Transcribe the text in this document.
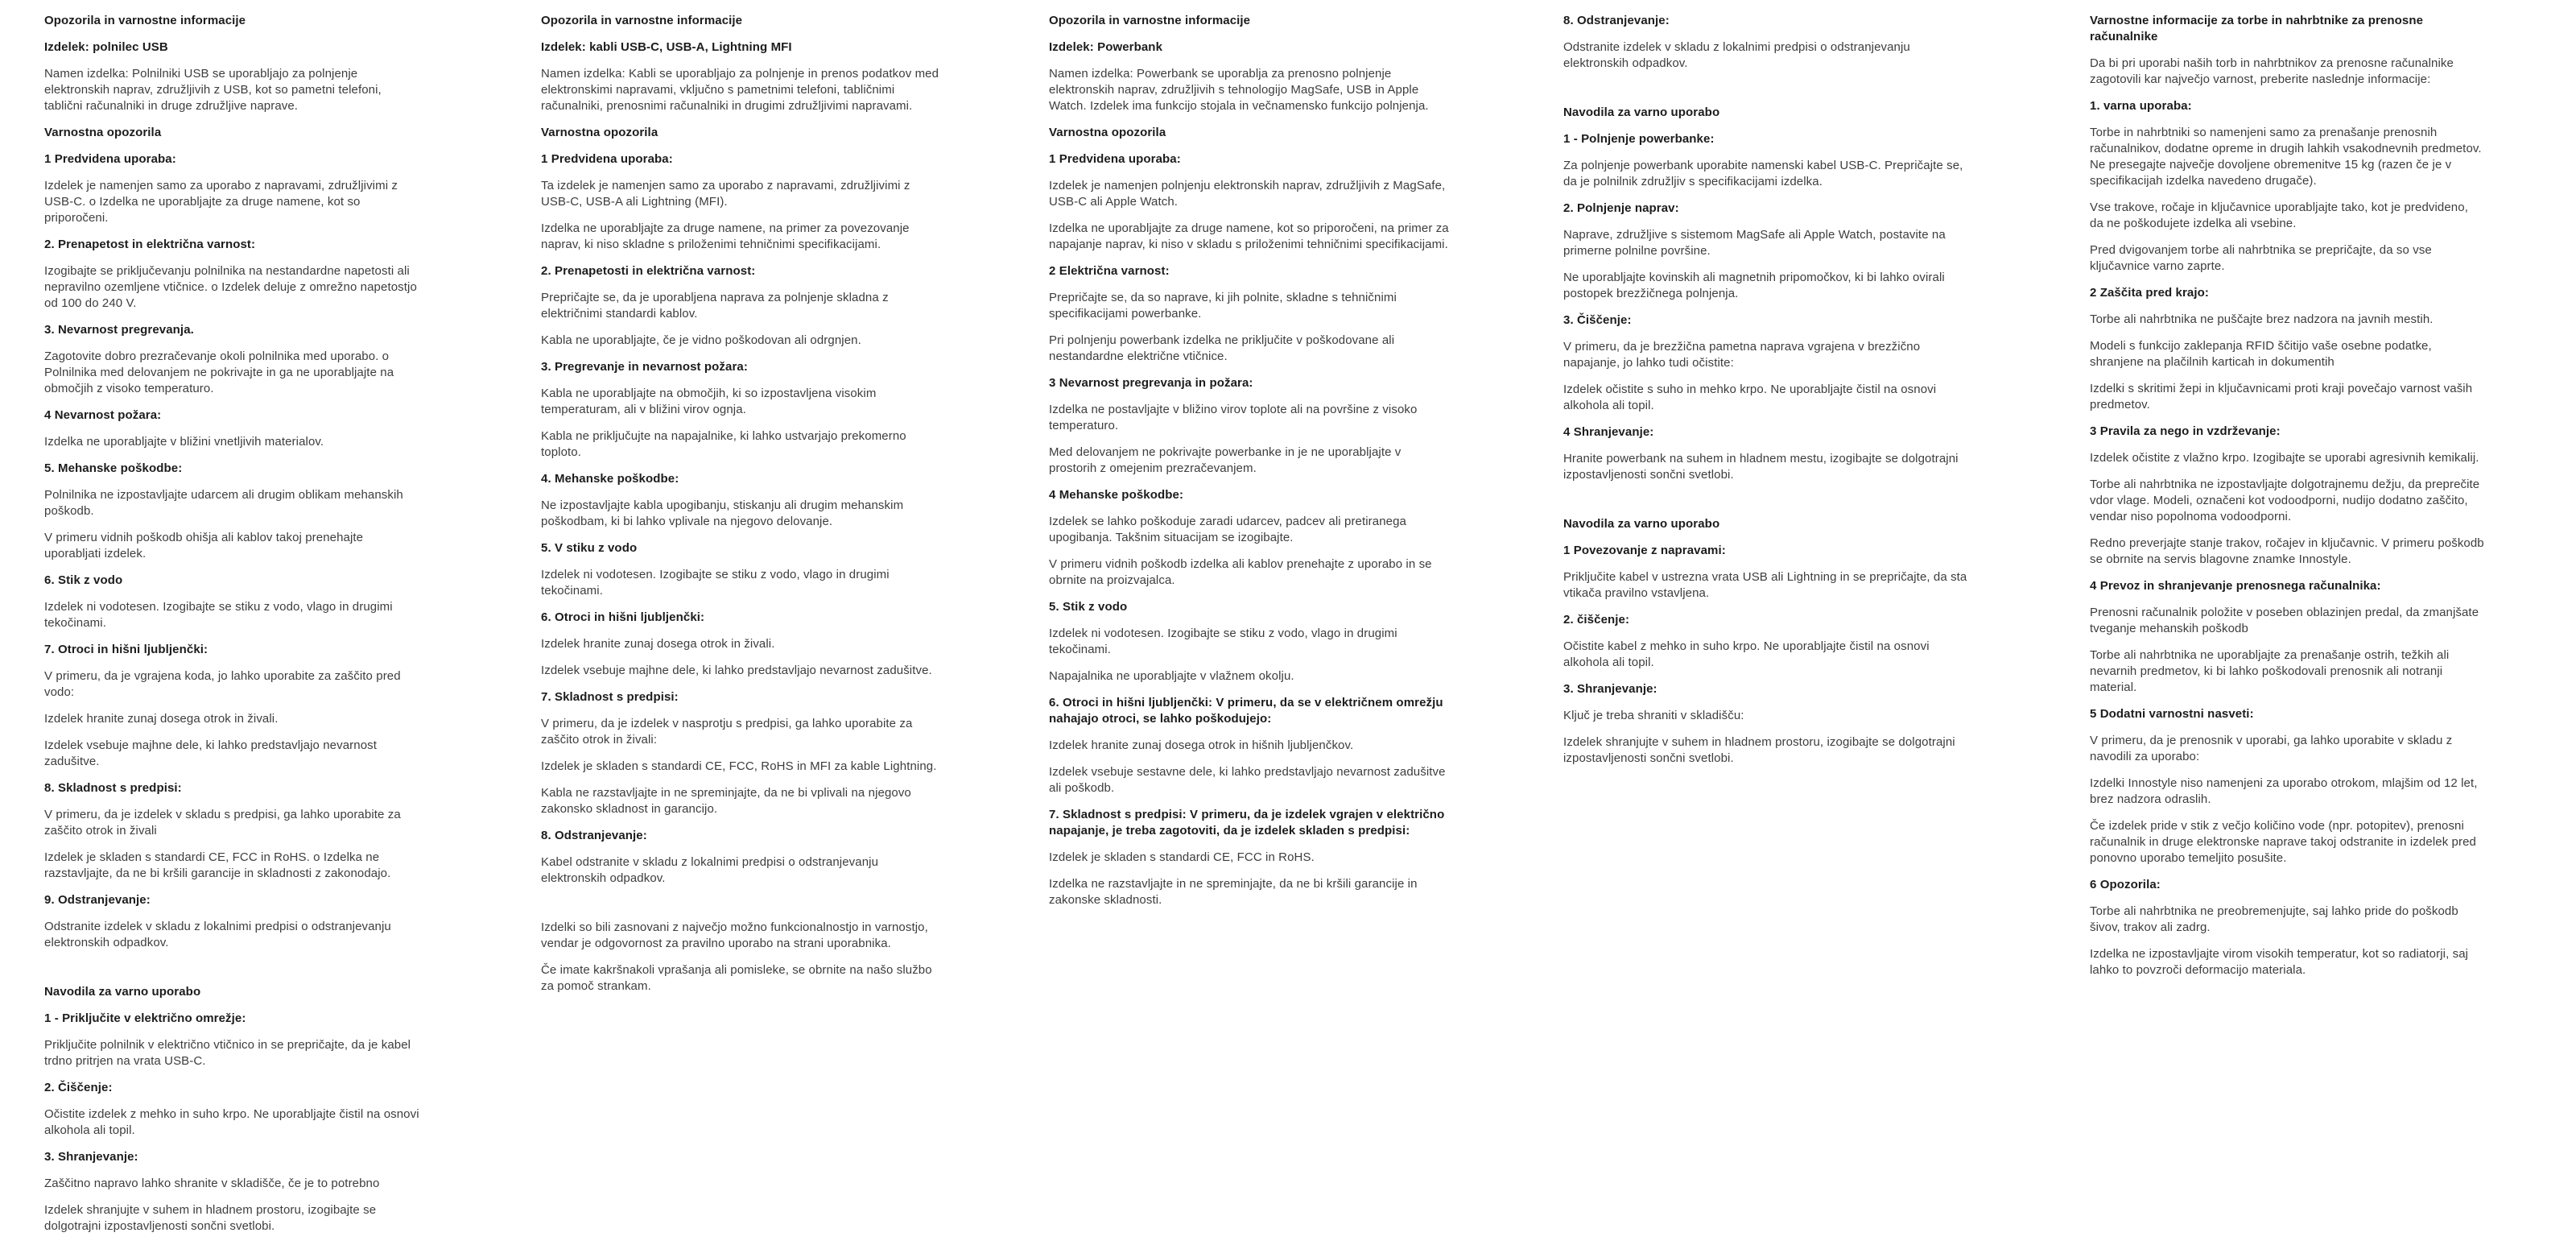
Opozorila in varnostne informacije
Izdelek: polnilec USB
Namen izdelka: Polnilniki USB se uporabljajo za polnjenje elektronskih naprav, združljivih z USB, kot so pametni telefoni, tablični računalniki in druge združljive naprave.
Varnostna opozorila
1 Predvidena uporaba:
Izdelek je namenjen samo za uporabo z napravami, združljivimi z USB-C. o Izdelka ne uporabljajte za druge namene, kot so priporočeni.
2. Prenapetost in električna varnost:
Izogibajte se priključevanju polnilnika na nestandardne napetosti ali nepravilno ozemljene vtičnice. o Izdelek deluje z omrežno napetostjo od 100 do 240 V.
3. Nevarnost pregrevanja.
Zagotovite dobro prezračevanje okoli polnilnika med uporabo. o Polnilnika med delovanjem ne pokrivajte in ga ne uporabljajte na območjih z visoko temperaturo.
4 Nevarnost požara:
Izdelka ne uporabljajte v bližini vnetljivih materialov.
5. Mehanske poškodbe:
Polnilnika ne izpostavljajte udarcem ali drugim oblikam mehanskih poškodb.
V primeru vidnih poškodb ohišja ali kablov takoj prenehajte uporabljati izdelek.
6. Stik z vodo
Izdelek ni vodotesen. Izogibajte se stiku z vodo, vlago in drugimi tekočinami.
7. Otroci in hišni ljubljenčki:
V primeru, da je vgrajena koda, jo lahko uporabite za zaščito pred vodo:
Izdelek hranite zunaj dosega otrok in živali.
Izdelek vsebuje majhne dele, ki lahko predstavljajo nevarnost zadušitve.
8. Skladnost s predpisi:
V primeru, da je izdelek v skladu s predpisi, ga lahko uporabite za zaščito otrok in živali
Izdelek je skladen s standardi CE, FCC in RoHS. o Izdelka ne razstavljajte, da ne bi kršili garancije in skladnosti z zakonodajo.
9. Odstranjevanje:
Odstranite izdelek v skladu z lokalnimi predpisi o odstranjevanju elektronskih odpadkov.
Navodila za varno uporabo
1 - Priključite v električno omrežje:
Priključite polnilnik v električno vtičnico in se prepričajte, da je kabel trdno pritrjen na vrata USB-C.
2. Čiščenje:
Očistite izdelek z mehko in suho krpo. Ne uporabljajte čistil na osnovi alkohola ali topil.
3. Shranjevanje:
Zaščitno napravo lahko shranite v skladišče, če je to potrebno
Izdelek shranjujte v suhem in hladnem prostoru, izogibajte se dolgotrajni izpostavljenosti sončni svetlobi.
Opozorila in varnostne informacije
Izdelek: kabli USB-C, USB-A, Lightning MFI
Namen izdelka: Kabli se uporabljajo za polnjenje in prenos podatkov med elektronskimi napravami, vključno s pametnimi telefoni, tabličnimi računalniki, prenosnimi računalniki in drugimi združljivimi napravami.
Varnostna opozorila
1 Predvidena uporaba:
Ta izdelek je namenjen samo za uporabo z napravami, združljivimi z USB-C, USB-A ali Lightning (MFI).
Izdelka ne uporabljajte za druge namene, na primer za povezovanje naprav, ki niso skladne s priloženimi tehničnimi specifikacijami.
2. Prenapetosti in električna varnost:
Prepričajte se, da je uporabljena naprava za polnjenje skladna z električnimi standardi kablov.
Kabla ne uporabljajte, če je vidno poškodovan ali odrgnjen.
3. Pregrevanje in nevarnost požara:
Kabla ne uporabljajte na območjih, ki so izpostavljena visokim temperaturam, ali v bližini virov ognja.
Kabla ne priključujte na napajalnike, ki lahko ustvarjajo prekomerno toploto.
4. Mehanske poškodbe:
Ne izpostavljajte kabla upogibanju, stiskanju ali drugim mehanskim poškodbam, ki bi lahko vplivale na njegovo delovanje.
5. V stiku z vodo
Izdelek ni vodotesen. Izogibajte se stiku z vodo, vlago in drugimi tekočinami.
6. Otroci in hišni ljubljenčki:
Izdelek hranite zunaj dosega otrok in živali.
Izdelek vsebuje majhne dele, ki lahko predstavljajo nevarnost zadušitve.
7. Skladnost s predpisi:
V primeru, da je izdelek v nasprotju s predpisi, ga lahko uporabite za zaščito otrok in živali:
Izdelek je skladen s standardi CE, FCC, RoHS in MFI za kable Lightning.
Kabla ne razstavljajte in ne spreminjajte, da ne bi vplivali na njegovo zakonsko skladnost in garancijo.
8. Odstranjevanje:
Kabel odstranite v skladu z lokalnimi predpisi o odstranjevanju elektronskih odpadkov.
Izdelki so bili zasnovani z največjo možno funkcionalnostjo in varnostjo, vendar je odgovornost za pravilno uporabo na strani uporabnika.
Če imate kakršnakoli vprašanja ali pomisleke, se obrnite na našo službo za pomoč strankam.
Opozorila in varnostne informacije
Izdelek: Powerbank
Namen izdelka: Powerbank se uporablja za prenosno polnjenje elektronskih naprav, združljivih s tehnologijo MagSafe, USB in Apple Watch. Izdelek ima funkcijo stojala in večnamensko funkcijo polnjenja.
Varnostna opozorila
1 Predvidena uporaba:
Izdelek je namenjen polnjenju elektronskih naprav, združljivih z MagSafe, USB-C ali Apple Watch.
Izdelka ne uporabljajte za druge namene, kot so priporočeni, na primer za napajanje naprav, ki niso v skladu s priloženimi tehničnimi specifikacijami.
2 Električna varnost:
Prepričajte se, da so naprave, ki jih polnite, skladne s tehničnimi specifikacijami powerbanke.
Pri polnjenju powerbank izdelka ne priključite v poškodovane ali nestandardne električne vtičnice.
3 Nevarnost pregrevanja in požara:
Izdelka ne postavljajte v bližino virov toplote ali na površine z visoko temperaturo.
Med delovanjem ne pokrivajte powerbanke in je ne uporabljajte v prostorih z omejenim prezračevanjem.
4 Mehanske poškodbe:
Izdelek se lahko poškoduje zaradi udarcev, padcev ali pretiranega upogibanja. Takšnim situacijam se izogibajte.
V primeru vidnih poškodb izdelka ali kablov prenehajte z uporabo in se obrnite na proizvajalca.
5. Stik z vodo
Izdelek ni vodotesen. Izogibajte se stiku z vodo, vlago in drugimi tekočinami.
Napajalnika ne uporabljajte v vlažnem okolju.
6. Otroci in hišni ljubljenčki: V primeru, da se v električnem omrežju nahajajo otroci, se lahko poškodujejo:
Izdelek hranite zunaj dosega otrok in hišnih ljubljenčkov.
Izdelek vsebuje sestavne dele, ki lahko predstavljajo nevarnost zadušitve ali poškodb.
7. Skladnost s predpisi: V primeru, da je izdelek vgrajen v električno napajanje, je treba zagotoviti, da je izdelek skladen s predpisi:
Izdelek je skladen s standardi CE, FCC in RoHS.
Izdelka ne razstavljajte in ne spreminjajte, da ne bi kršili garancije in zakonske skladnosti.
8. Odstranjevanje:
Odstranite izdelek v skladu z lokalnimi predpisi o odstranjevanju elektronskih odpadkov.
Navodila za varno uporabo
1 - Polnjenje powerbanke:
Za polnjenje powerbank uporabite namenski kabel USB-C. Prepričajte se, da je polnilnik združljiv s specifikacijami izdelka.
2. Polnjenje naprav:
Naprave, združljive s sistemom MagSafe ali Apple Watch, postavite na primerne polnilne površine.
Ne uporabljajte kovinskih ali magnetnih pripomočkov, ki bi lahko ovirali postopek brezžičnega polnjenja.
3. Čiščenje:
V primeru, da je brezžična pametna naprava vgrajena v brezžično napajanje, jo lahko tudi očistite:
Izdelek očistite s suho in mehko krpo. Ne uporabljajte čistil na osnovi alkohola ali topil.
4 Shranjevanje:
Hranite powerbank na suhem in hladnem mestu, izogibajte se dolgotrajni izpostavljenosti sončni svetlobi.
Navodila za varno uporabo
1 Povezovanje z napravami:
Priključite kabel v ustrezna vrata USB ali Lightning in se prepričajte, da sta vtikača pravilno vstavljena.
2. čiščenje:
Očistite kabel z mehko in suho krpo. Ne uporabljajte čistil na osnovi alkohola ali topil.
3. Shranjevanje:
Ključ je treba shraniti v skladišču:
Izdelek shranjujte v suhem in hladnem prostoru, izogibajte se dolgotrajni izpostavljenosti sončni svetlobi.
Varnostne informacije za torbe in nahrbtnike za prenosne računalnike
Da bi pri uporabi naših torb in nahrbtnikov za prenosne računalnike zagotovili kar največjo varnost, preberite naslednje informacije:
1. varna uporaba:
Torbe in nahrbtniki so namenjeni samo za prenašanje prenosnih računalnikov, dodatne opreme in drugih lahkih vsakodnevnih predmetov. Ne presegajte največje dovoljene obremenitve 15 kg (razen če je v specifikacijah izdelka navedeno drugače).
Vse trakove, ročaje in ključavnice uporabljajte tako, kot je predvideno, da ne poškodujete izdelka ali vsebine.
Pred dvigovanjem torbe ali nahrbtnika se prepričajte, da so vse ključavnice varno zaprte.
2 Zaščita pred krajo:
Torbe ali nahrbtnika ne puščajte brez nadzora na javnih mestih.
Modeli s funkcijo zaklepanja RFID ščitijo vaše osebne podatke, shranjene na plačilnih karticah in dokumentih
Izdelki s skritimi žepi in ključavnicami proti kraji povečajo varnost vaših predmetov.
3 Pravila za nego in vzdrževanje:
Izdelek očistite z vlažno krpo. Izogibajte se uporabi agresivnih kemikalij.
Torbe ali nahrbtnika ne izpostavljajte dolgotrajnemu dežju, da preprečite vdor vlage. Modeli, označeni kot vodoodporni, nudijo dodatno zaščito, vendar niso popolnoma vodoodporni.
Redno preverjajte stanje trakov, ročajev in ključavnic. V primeru poškodb se obrnite na servis blagovne znamke Innostyle.
4 Prevoz in shranjevanje prenosnega računalnika:
Prenosni računalnik položite v poseben oblazinjen predal, da zmanjšate tveganje mehanskih poškodb
Torbe ali nahrbtnika ne uporabljajte za prenašanje ostrih, težkih ali nevarnih predmetov, ki bi lahko poškodovali prenosnik ali notranji material.
5 Dodatni varnostni nasveti:
V primeru, da je prenosnik v uporabi, ga lahko uporabite v skladu z navodili za uporabo:
Izdelki Innostyle niso namenjeni za uporabo otrokom, mlajšim od 12 let, brez nadzora odraslih.
Če izdelek pride v stik z večjo količino vode (npr. potopitev), prenosni računalnik in druge elektronske naprave takoj odstranite in izdelek pred ponovno uporabo temeljito posušite.
6 Opozorila:
Torbe ali nahrbtnika ne preobremenjujte, saj lahko pride do poškodb šivov, trakov ali zadrg.
Izdelka ne izpostavljajte virom visokih temperatur, kot so radiatorji, saj lahko to povzroči deformacijo materiala.
